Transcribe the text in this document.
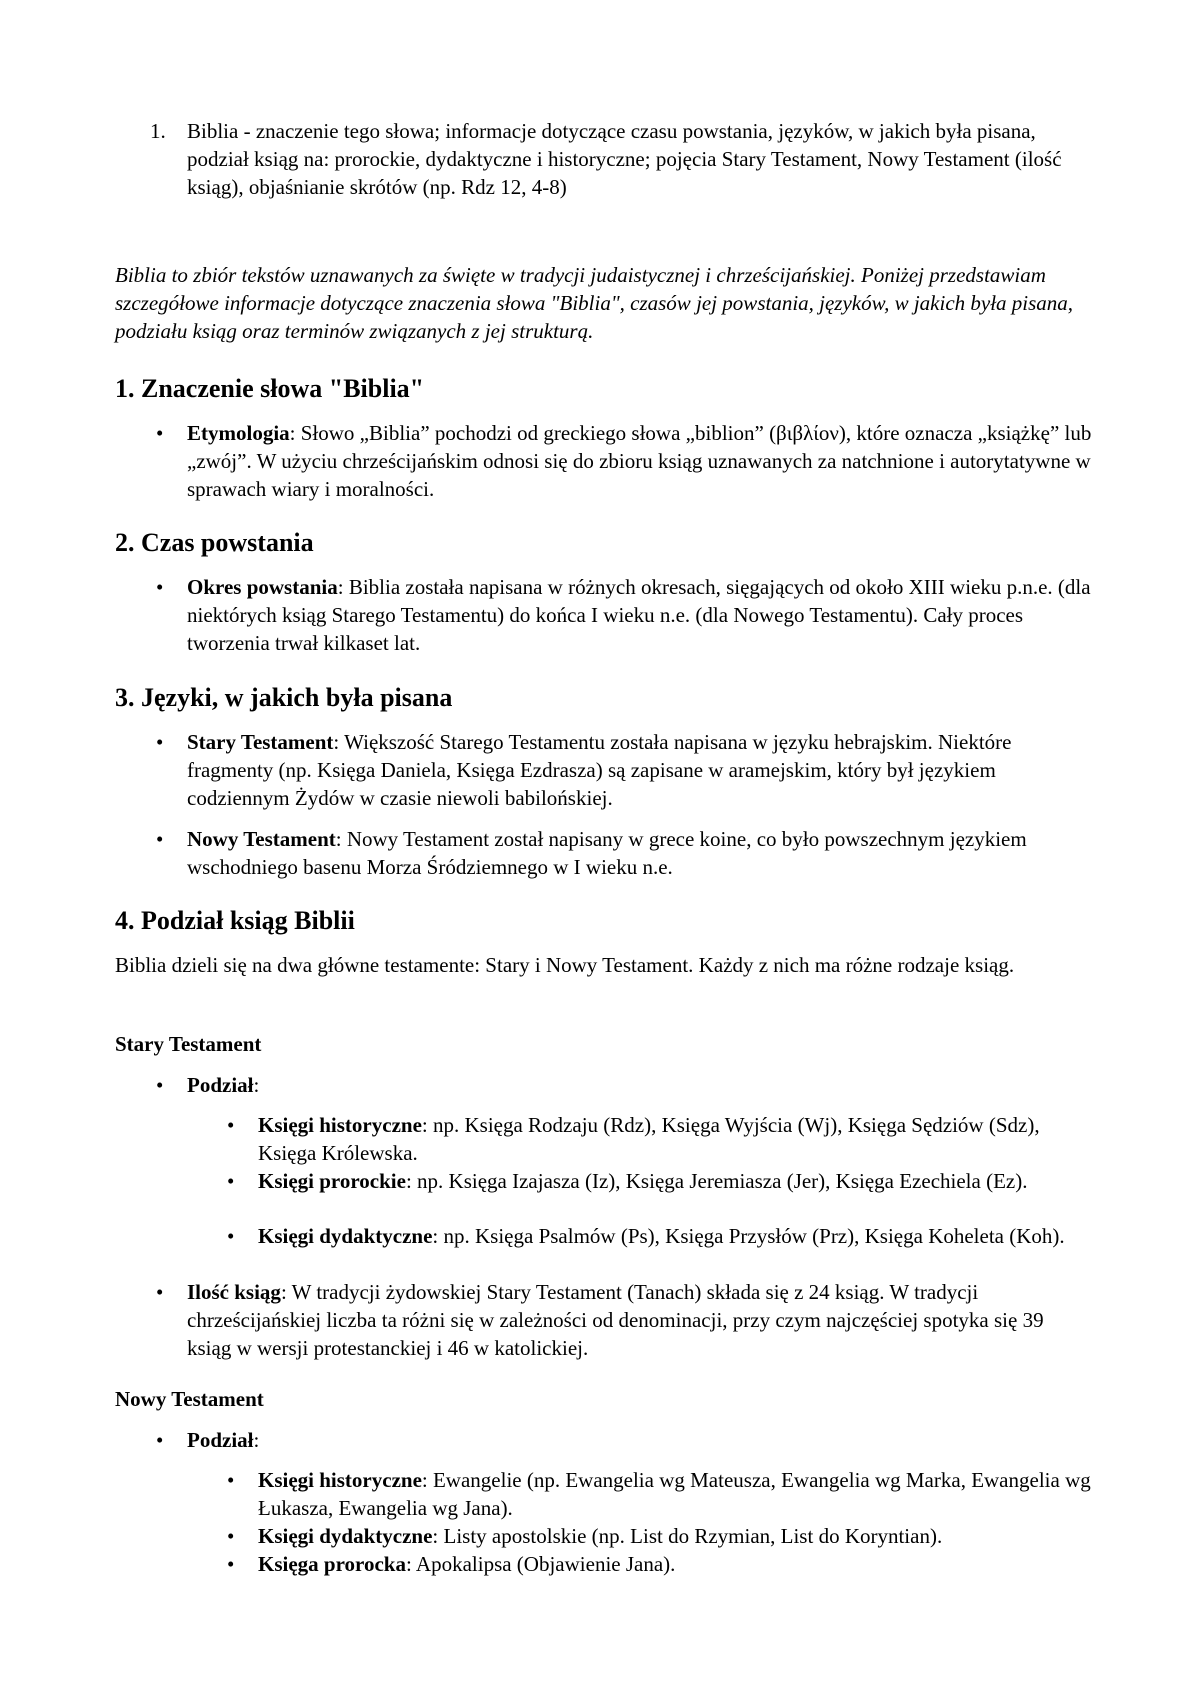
1. Biblia - znaczenie tego słowa; informacje dotyczące czasu powstania, języków, w jakich była pisana, podział ksiąg na: prorockie, dydaktyczne i historyczne; pojęcia Stary Testament, Nowy Testament (ilość ksiąg), objaśnianie skrótów (np. Rdz 12, 4-8)
Biblia to zbiór tekstów uznawanych za święte w tradycji judaistycznej i chrześcijańskiej. Poniżej przedstawiam szczegółowe informacje dotyczące znaczenia słowa "Biblia", czasów jej powstania, języków, w jakich była pisana, podziału ksiąg oraz terminów związanych z jej strukturą.
1. Znaczenie słowa "Biblia"
• Etymologia: Słowo „Biblia” pochodzi od greckiego słowa „biblion” (βιβλίον), które oznacza „książkę” lub „zwój”. W użyciu chrześcijańskim odnosi się do zbioru ksiąg uznawanych za natchnione i autorytatywne w sprawach wiary i moralności.
2. Czas powstania
• Okres powstania: Biblia została napisana w różnych okresach, sięgających od około XIII wieku p.n.e. (dla niektórych ksiąg Starego Testamentu) do końca I wieku n.e. (dla Nowego Testamentu). Cały proces tworzenia trwał kilkaset lat.
3. Języki, w jakich była pisana
• Stary Testament: Większość Starego Testamentu została napisana w języku hebrajskim. Niektóre fragmenty (np. Księga Daniela, Księga Ezdrasza) są zapisane w aramejskim, który był językiem codziennym Żydów w czasie niewoli babilońskiej.
• Nowy Testament: Nowy Testament został napisany w grece koine, co było powszechnym językiem wschodniego basenu Morza Śródziemnego w I wieku n.e.
4. Podział ksiąg Biblii
Biblia dzieli się na dwa główne testamente: Stary i Nowy Testament. Każdy z nich ma różne rodzaje ksiąg.
Stary Testament
• Podział:
• Księgi historyczne: np. Księga Rodzaju (Rdz), Księga Wyjścia (Wj), Księga Sędziów (Sdz), Księga Królewska.
• Księgi prorockie: np. Księga Izajasza (Iz), Księga Jeremiasza (Jer), Księga Ezechiela (Ez).
• Księgi dydaktyczne: np. Księga Psalmów (Ps), Księga Przysłów (Prz), Księga Koheleta (Koh).
• Ilość ksiąg: W tradycji żydowskiej Stary Testament (Tanach) składa się z 24 ksiąg. W tradycji chrześcijańskiej liczba ta różni się w zależności od denominacji, przy czym najczęściej spotyka się 39 ksiąg w wersji protestanckiej i 46 w katolickiej.
Nowy Testament
• Podział:
• Księgi historyczne: Ewangelie (np. Ewangelia wg Mateusza, Ewangelia wg Marka, Ewangelia wg Łukasza, Ewangelia wg Jana).
• Księgi dydaktyczne: Listy apostolskie (np. List do Rzymian, List do Koryntian).
• Księga prorocka: Apokalipsa (Objawienie Jana).
